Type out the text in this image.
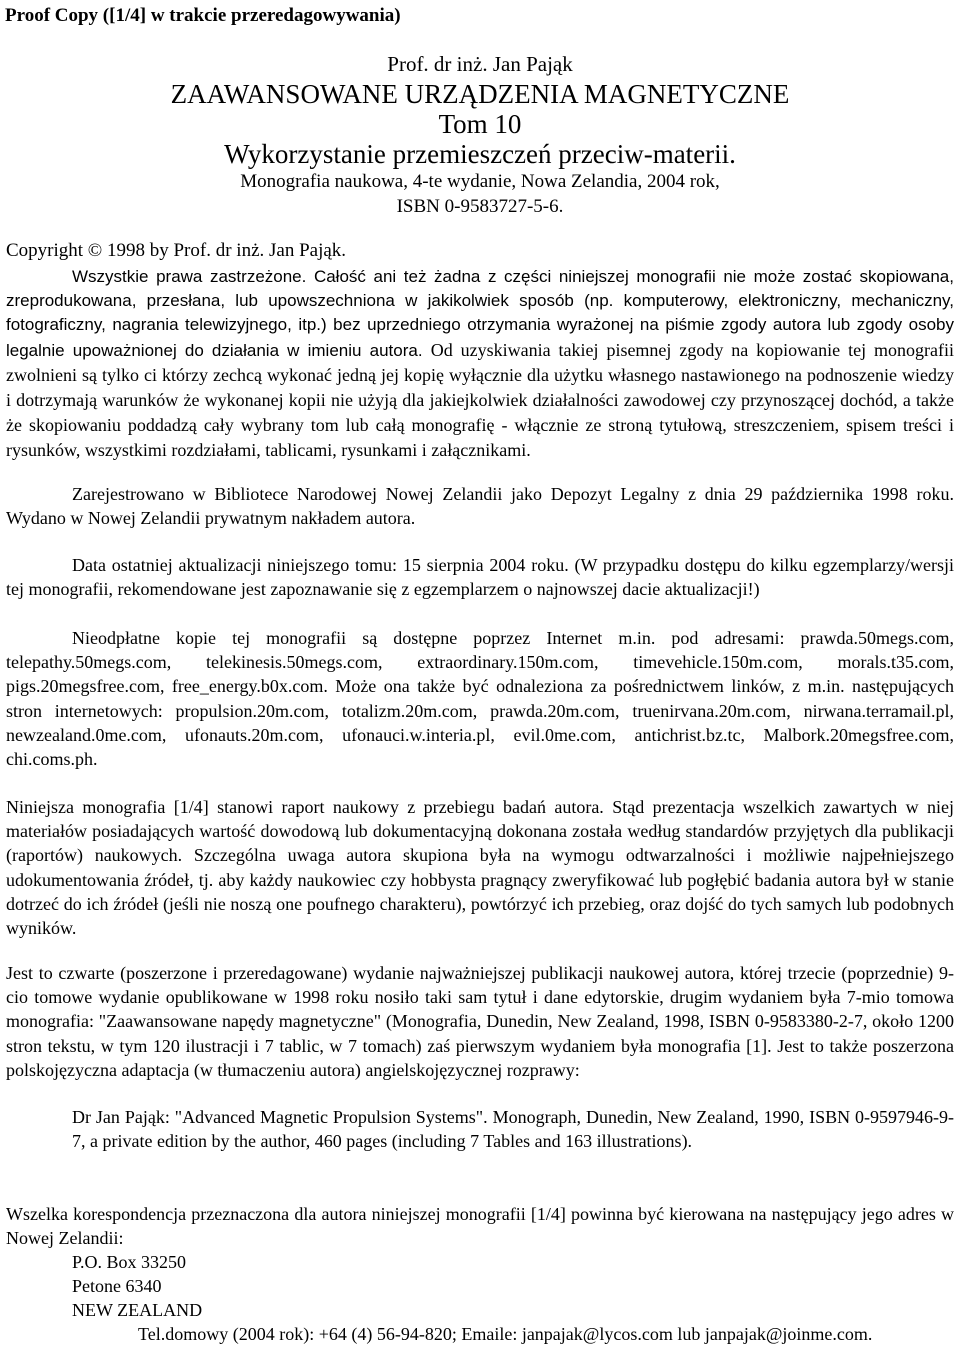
Proof Copy ([1/4] w trakcie przeredagowywania)
Prof. dr inż. Jan Pająk
ZAAWANSOWANE URZĄDZENIA MAGNETYCZNE
Tom 10
Wykorzystanie przemieszczeń przeciw-materii.
Monografia naukowa, 4-te wydanie, Nowa Zelandia, 2004 rok,
ISBN 0-9583727-5-6.
Copyright © 1998 by Prof. dr inż. Jan Pająk.
Wszystkie prawa zastrzeżone. Całość ani też żadna z części niniejszej monografii nie może zostać skopiowana, zreprodukowana, przesłana, lub upowszechniona w jakikolwiek sposób (np. komputerowy, elektroniczny, mechaniczny, fotograficzny, nagrania telewizyjnego, itp.) bez uprzedniego otrzymania wyrażonej na piśmie zgody autora lub zgody osoby legalnie upoważnionej do działania w imieniu autora. Od uzyskiwania takiej pisemnej zgody na kopiowanie tej monografii zwolnieni są tylko ci którzy zechcą wykonać jedną jej kopię wyłącznie dla użytku własnego nastawionego na podnoszenie wiedzy i dotrzymają warunków że wykonanej kopii nie użyją dla jakiejkolwiek działalności zawodowej czy przynoszącej dochód, a także że skopiowaniu poddadzą cały wybrany tom lub całą monografię - włącznie ze stroną tytułową, streszczeniem, spisem treści i rysunków, wszystkimi rozdziałami, tablicami, rysunkami i załącznikami.
Zarejestrowano w Bibliotece Narodowej Nowej Zelandii jako Depozyt Legalny z dnia 29 października 1998 roku. Wydano w Nowej Zelandii prywatnym nakładem autora.
Data ostatniej aktualizacji niniejszego tomu: 15 sierpnia 2004 roku. (W przypadku dostępu do kilku egzemplarzy/wersji tej monografii, rekomendowane jest zapoznawanie się z egzemplarzem o najnowszej dacie aktualizacji!)
Nieodpłatne kopie tej monografii są dostępne poprzez Internet m.in. pod adresami: prawda.50megs.com, telepathy.50megs.com, telekinesis.50megs.com, extraordinary.150m.com, timevehicle.150m.com, morals.t35.com, pigs.20megsfree.com, free_energy.b0x.com. Może ona także być odnaleziona za pośrednictwem linków, z m.in. następujących stron internetowych: propulsion.20m.com, totalizm.20m.com, prawda.20m.com, truenirvana.20m.com, nirwana.terramail.pl, newzealand.0me.com, ufonauts.20m.com, ufonauci.w.interia.pl, evil.0me.com, antichrist.bz.tc, Malbork.20megsfree.com, chi.coms.ph.
Niniejsza monografia [1/4] stanowi raport naukowy z przebiegu badań autora. Stąd prezentacja wszelkich zawartych w niej materiałów posiadających wartość dowodową lub dokumentacyjną dokonana została według standardów przyjętych dla publikacji (raportów) naukowych. Szczególna uwaga autora skupiona była na wymogu odtwarzalności i możliwie najpełniejszego udokumentowania źródeł, tj. aby każdy naukowiec czy hobbysta pragnący zweryfikować lub pogłębić badania autora był w stanie dotrzeć do ich źródeł (jeśli nie noszą one poufnego charakteru), powtórzyć ich przebieg, oraz dojść do tych samych lub podobnych wyników.
Jest to czwarte (poszerzone i przeredagowane) wydanie najważniejszej publikacji naukowej autora, której trzecie (poprzednie) 9-cio tomowe wydanie opublikowane w 1998 roku nosiło taki sam tytuł i dane edytorskie, drugim wydaniem była 7-mio tomowa monografia: "Zaawansowane napędy magnetyczne" (Monografia, Dunedin, New Zealand, 1998, ISBN 0-9583380-2-7, około 1200 stron tekstu, w tym 120 ilustracji i 7 tablic, w 7 tomach) zaś pierwszym wydaniem była monografia [1]. Jest to także poszerzona polskojęzyczna adaptacja (w tłumaczeniu autora) angielskojęzycznej rozprawy:
Dr Jan Pająk: "Advanced Magnetic Propulsion Systems". Monograph, Dunedin, New Zealand, 1990, ISBN 0-9597946-9-7, a private edition by the author, 460 pages (including 7 Tables and 163 illustrations).
Wszelka korespondencja przeznaczona dla autora niniejszej monografii [1/4] powinna być kierowana na następujący jego adres w Nowej Zelandii:
P.O. Box 33250
Petone 6340
NEW ZEALAND
Tel.domowy (2004 rok): +64 (4) 56-94-820; Emaile: janpajak@lycos.com lub janpajak@joinme.com.
